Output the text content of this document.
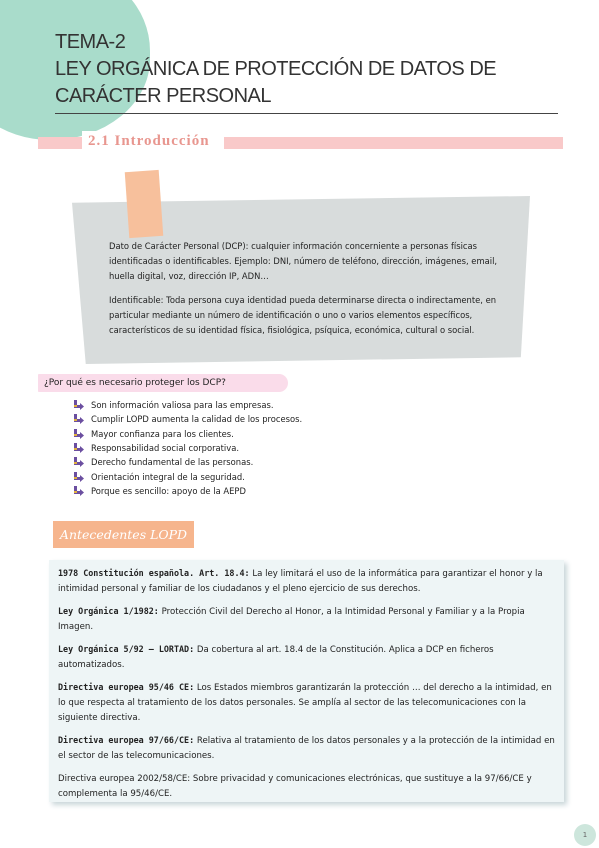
TEMA-2
LEY ORGÁNICA DE PROTECCIÓN DE DATOS DE
CARÁCTER PERSONAL
2.1 Introducción

Dato de Carácter Personal (DCP): cualquier información concerniente a personas físicas identificadas o identificables. Ejemplo: DNI, número de teléfono, dirección, imágenes, email, huella digital, voz, dirección IP, ADN…

Identificable: Toda persona cuya identidad pueda determinarse directa o indirectamente, en particular mediante un número de identificación o uno o varios elementos específicos, característicos de su identidad física, fisiológica, psíquica, económica, cultural o social.

¿Por qué es necesario proteger los DCP?
Son información valiosa para las empresas.
Cumplir LOPD aumenta la calidad de los procesos.
Mayor confianza para los clientes.
Responsabilidad social corporativa.
Derecho fundamental de las personas.
Orientación integral de la seguridad.
Porque es sencillo: apoyo de la AEPD
Antecedentes LOPD

1978 Constitución española. Art. 18.4: La ley limitará el uso de la informática para garantizar el honor y la intimidad personal y familiar de los ciudadanos y el pleno ejercicio de sus derechos.

Ley Orgánica 1/1982: Protección Civil del Derecho al Honor, a la Intimidad Personal y Familiar y a la Propia Imagen.

Ley Orgánica 5/92 – LORTAD: Da cobertura al art. 18.4 de la Constitución. Aplica a DCP en ficheros automatizados.

Directiva europea 95/46 CE: Los Estados miembros garantizarán la protección … del derecho a la intimidad, en lo que respecta al tratamiento de los datos personales. Se amplía al sector de las telecomunicaciones con la siguiente directiva.

Directiva europea 97/66/CE: Relativa al tratamiento de los datos personales y a la protección de la intimidad en el sector de las telecomunicaciones.

Directiva europea 2002/58/CE: Sobre privacidad y comunicaciones electrónicas, que sustituye a la 97/66/CE y complementa la 95/46/CE.

1
